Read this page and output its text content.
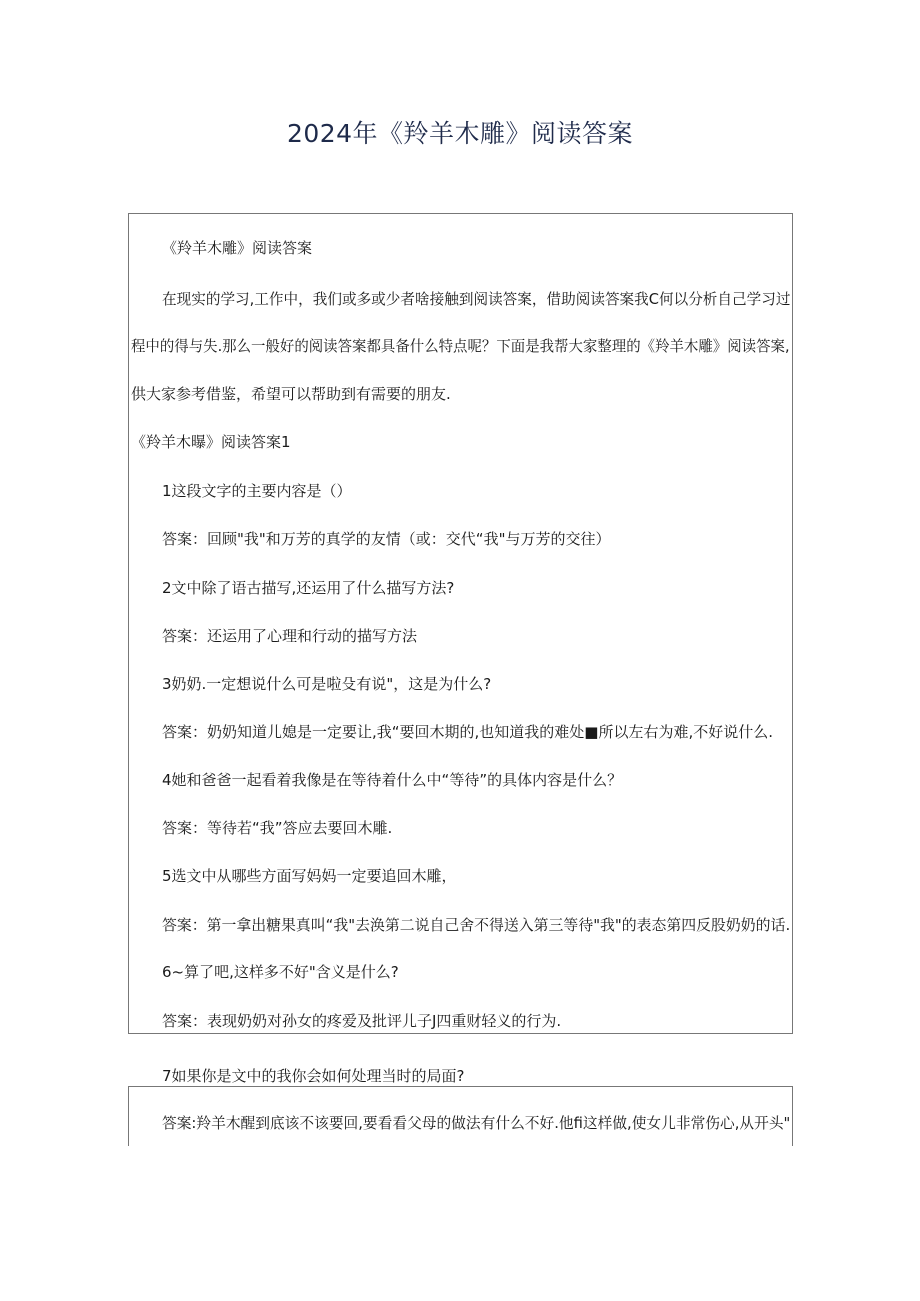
2024年《羚羊木雕》阅读答案
《羚羊木雕》阅读答案
在现实的学习,工作中，我们或多或少者啥接触到阅读答案，借助阅读答案我C何以分析自己学习过
程中的得与失.那么一般好的阅读答案都具备什么特点呢？下面是我帮大家整理的《羚羊木雕》阅读答案,
供大家参考借鉴，希望可以帮助到有需要的朋友.
《羚羊木曝》阅读答案1
1这段文字的主要内容是（）
答案：回顾"我"和万芳的真学的友情（或：交代“我"与万芳的交往）
2文中除了语古描写,还运用了什么描写方法?
答案：还运用了心理和行动的描写方法
3奶奶.一定想说什么可是啦殳有说"，这是为什么?
答案：奶奶知道儿媳是一定要让,我“要回木期的,也知道我的难处■所以左右为难,不好说什么.
4她和爸爸一起看着我像是在等待着什么中“等待”的具体内容是什么？
答案：等待若“我”答应去要回木雕.
5选文中从哪些方面写妈妈一定要追回木雕，
答案：第一拿出糖果真叫“我"去涣第二说自己舍不得送入第三等待"我"的表态第四反股奶奶的话.
6~算了吧,这样多不好"含义是什么?
答案：表现奶奶对孙女的疼爱及批评儿子J四重财轻义的行为.
7如果你是文中的我你会如何处理当时的局面?
答案:羚羊木醒到底该不该要回,要看看父母的做法有什么不好.他fi这样做,使女儿非常伤心,从开头"
